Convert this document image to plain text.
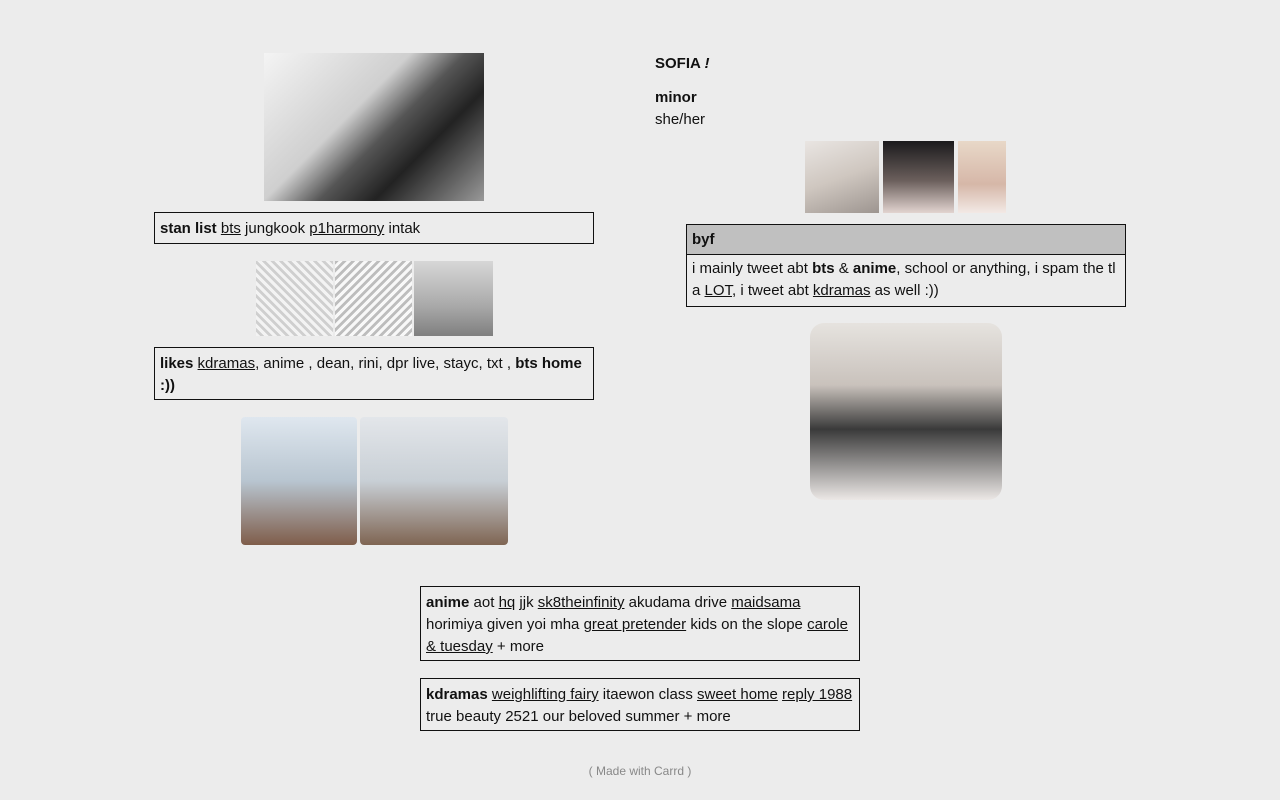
stan list bts jungkook p1harmony intak
likes kdramas, anime , dean, rini, dpr live, stayc, txt , bts home :))
SOFIA !
minor
she/her
byf
i mainly tweet abt bts & anime, school or anything, i spam the tl a LOT, i tweet abt kdramas as well :))
anime aot hq jjk sk8theinfinity akudama drive maidsama horimiya given yoi mha great pretender kids on the slope carole & tuesday + more
kdramas weighlifting fairy itaewon class sweet home reply 1988 true beauty 2521 our beloved summer + more
( Made with Carrd )
